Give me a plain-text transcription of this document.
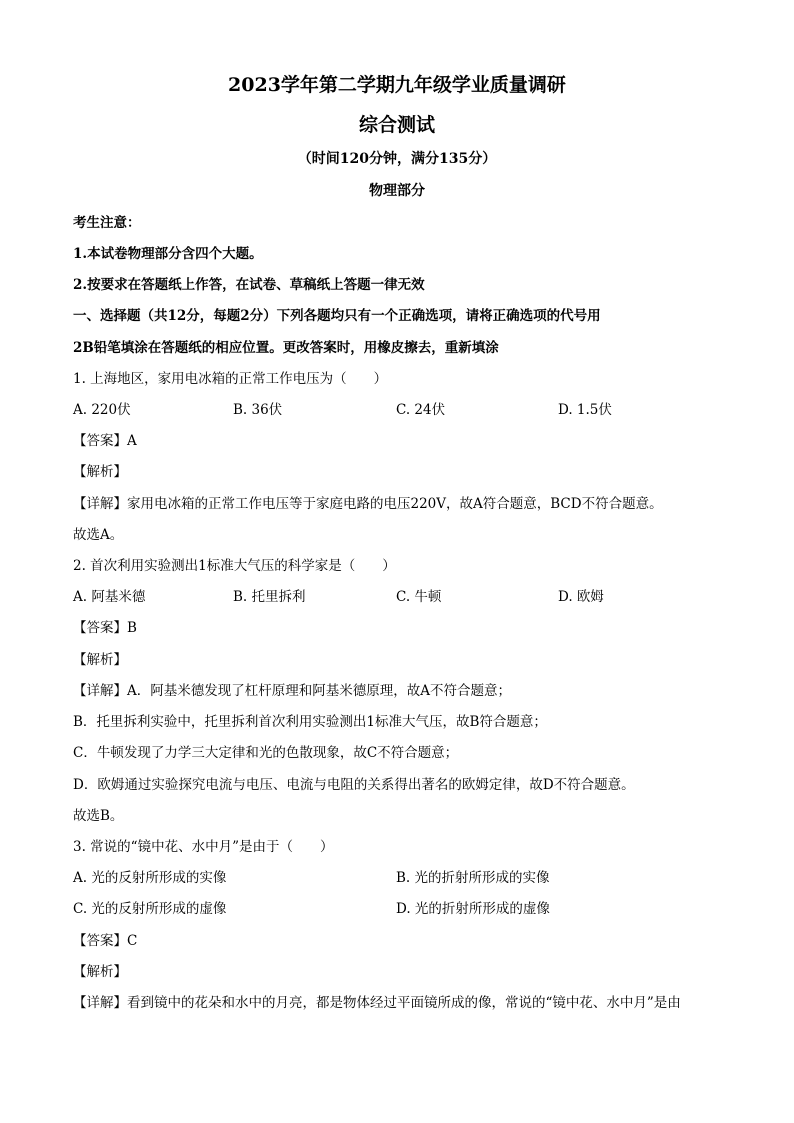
2023学年第二学期九年级学业质量调研
综合测试
（时间120分钟，满分135分）
物理部分
考生注意：
1.本试卷物理部分含四个大题。
2.按要求在答题纸上作答，在试卷、草稿纸上答题一律无效
一、选择题（共12分，每题2分）下列各题均只有一个正确选项，请将正确选项的代号用
2B铅笔填涂在答题纸的相应位置。更改答案时，用橡皮擦去，重新填涂
1. 上海地区，家用电冰箱的正常工作电压为（　　）
A. 220伏	B. 36伏	C. 24伏	D. 1.5伏
【答案】A
【解析】
【详解】家用电冰箱的正常工作电压等于家庭电路的电压220V，故A符合题意，BCD不符合题意。
故选A。
2. 首次利用实验测出1标准大气压的科学家是（　　）
A. 阿基米德	B. 托里拆利	C. 牛顿	D. 欧姆
【答案】B
【解析】
【详解】A．阿基米德发现了杠杆原理和阿基米德原理，故A不符合题意；
B．托里拆利实验中，托里拆利首次利用实验测出1标准大气压，故B符合题意；
C．牛顿发现了力学三大定律和光的色散现象，故C不符合题意；
D．欧姆通过实验探究电流与电压、电流与电阻的关系得出著名的欧姆定律，故D不符合题意。
故选B。
3. 常说的“镜中花、水中月”是由于（　　）
A. 光的反射所形成的实像	B. 光的折射所形成的实像
C. 光的反射所形成的虚像	D. 光的折射所形成的虚像
【答案】C
【解析】
【详解】看到镜中的花朵和水中的月亮，都是物体经过平面镜所成的像，常说的“镜中花、水中月”是由
